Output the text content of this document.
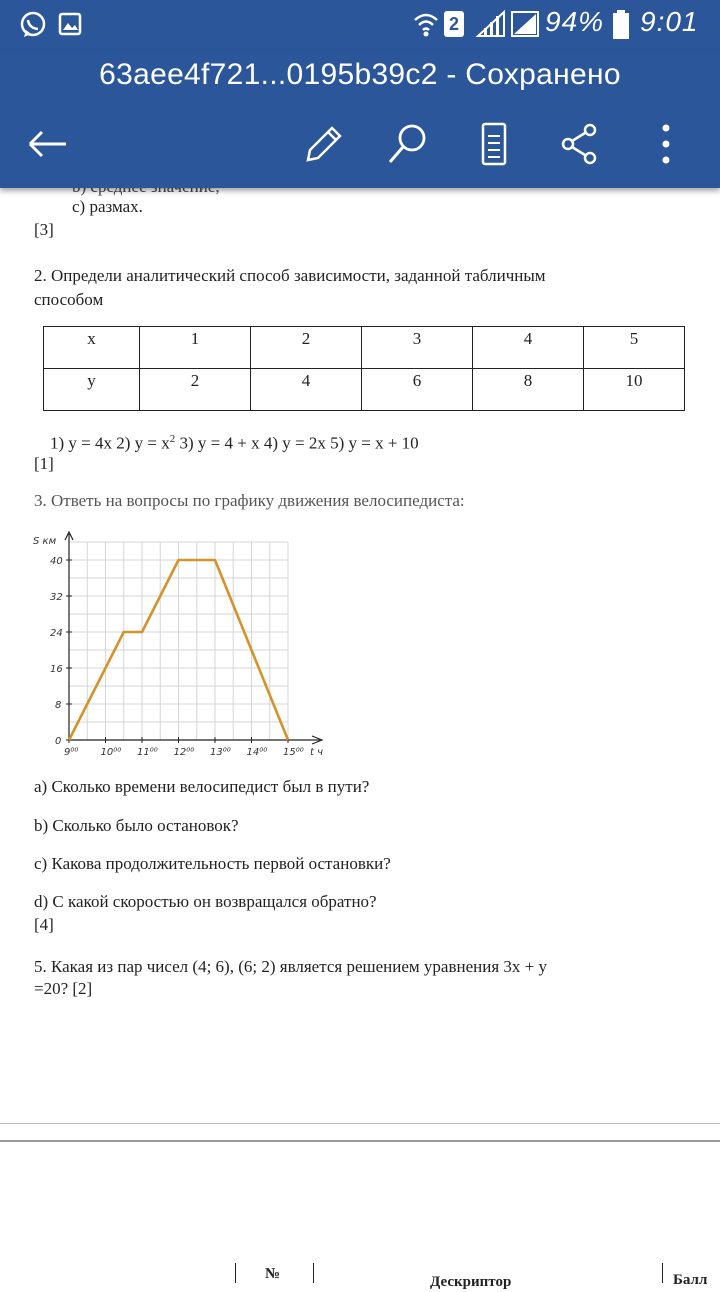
2	94% 9:01
63aee4f721...0195b39c2 - Сохранено
c) размах.
[3]
2. Определи аналитический способ зависимости, заданной табличным
способом
x	1	2	3	4	5
y	2	4	6	8	10
1) y = 4x 2) $y = x^2$ 3) y = 4 + x 4) y = 2x 5) y = x + 10
[1]
3. Ответь на вопросы по графику движения велосипедиста:
S км
t ч
9⁰⁰ 10⁰⁰ 11⁰⁰ 12⁰⁰ 13⁰⁰ 14⁰⁰ 15⁰⁰
0
8
16
24
32
40
a) Сколько времени велосипедист был в пути?
b) Сколько было остановок?
c) Какова продолжительность первой остановки?
d) С какой скоростью он возвращался обратно?
[4]
5. Какая из пар чисел (4; 6), (6; 2) является решением уравнения 3х + у
=20? [2]
№	Дескриптор	Балл
